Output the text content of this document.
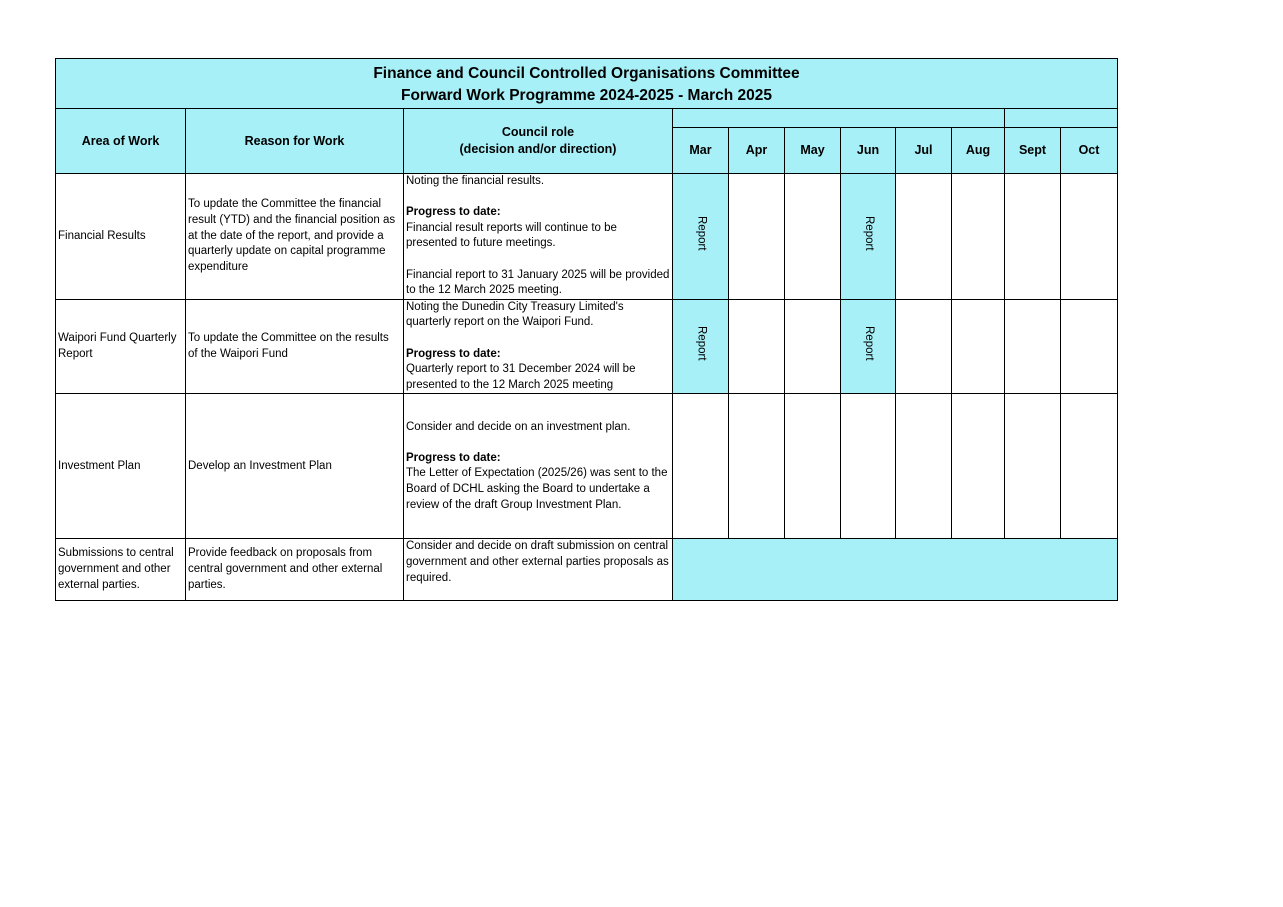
Finance and Council Controlled Organisations Committee
Forward Work Programme 2024-2025 - March 2025										

Area of Work	Reason for Work	Council role
(decision and/or direction)								

			Mar	Apr	May	Jun	Jul	Aug	Sept	Oct
Financial Results	To update the Committee the financial result (YTD) and the financial position as at the date of the report, and provide a quarterly update on capital programme expenditure	Noting the financial results.
Progress to date:
Financial result reports will continue to be presented to future meetings.
Financial report to 31 January 2025 will be provided to the 12 March 2025 meeting.	Report			Report				
Waipori Fund Quarterly Report	To update the Committee on the results of the Waipori Fund	Noting the Dunedin City Treasury Limited's quarterly report on the Waipori Fund.
Progress to date:
Quarterly report to 31 December 2024 will be presented to the 12 March 2025 meeting	Report			Report				
Investment Plan	Develop an Investment Plan	Consider and decide on an investment plan.
Progress to date:
The Letter of Expectation (2025/26) was sent to the Board of DCHL asking the Board to undertake a review of the draft Group Investment Plan.								

Submissions to central government and other external parties.	Provide feedback on proposals from central government and other external parties.	Consider and decide on draft submission on central government and other external parties proposals as required.								
